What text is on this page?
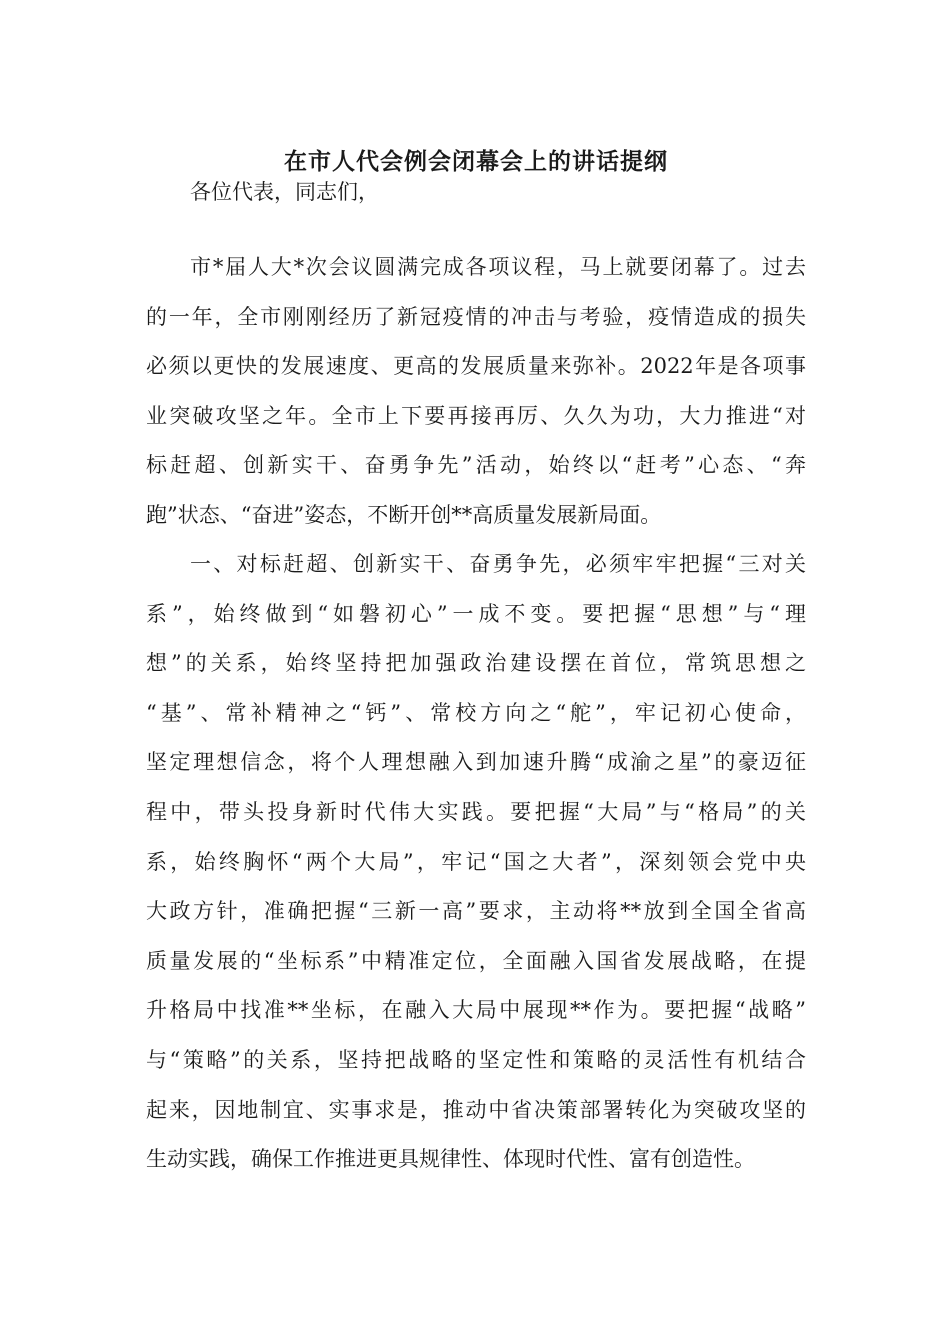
在市人代会例会闭幕会上的讲话提纲

各位代表，同志们，

市*届人大*次会议圆满完成各项议程，马上就要闭幕了。过去
的一年，全市刚刚经历了新冠疫情的冲击与考验，疫情造成的损失
必须以更快的发展速度、更高的发展质量来弥补。2022年是各项事
业突破攻坚之年。全市上下要再接再厉、久久为功，大力推进“对
标赶超、创新实干、奋勇争先”活动，始终以“赶考”心态、“奔
跑”状态、“奋进”姿态，不断开创**高质量发展新局面。
一、对标赶超、创新实干、奋勇争先，必须牢牢把握“三对关
系”，始终做到“如磐初心”一成不变。要把握“思想”与“理
想”的关系，始终坚持把加强政治建设摆在首位，常筑思想之
“基”、常补精神之“钙”、常校方向之“舵”，牢记初心使命，
坚定理想信念，将个人理想融入到加速升腾“成渝之星”的豪迈征
程中，带头投身新时代伟大实践。要把握“大局”与“格局”的关
系，始终胸怀“两个大局”，牢记“国之大者”，深刻领会党中央
大政方针，准确把握“三新一高”要求，主动将**放到全国全省高
质量发展的“坐标系”中精准定位，全面融入国省发展战略，在提
升格局中找准**坐标，在融入大局中展现**作为。要把握“战略”
与“策略”的关系，坚持把战略的坚定性和策略的灵活性有机结合
起来，因地制宜、实事求是，推动中省决策部署转化为突破攻坚的
生动实践，确保工作推进更具规律性、体现时代性、富有创造性。
